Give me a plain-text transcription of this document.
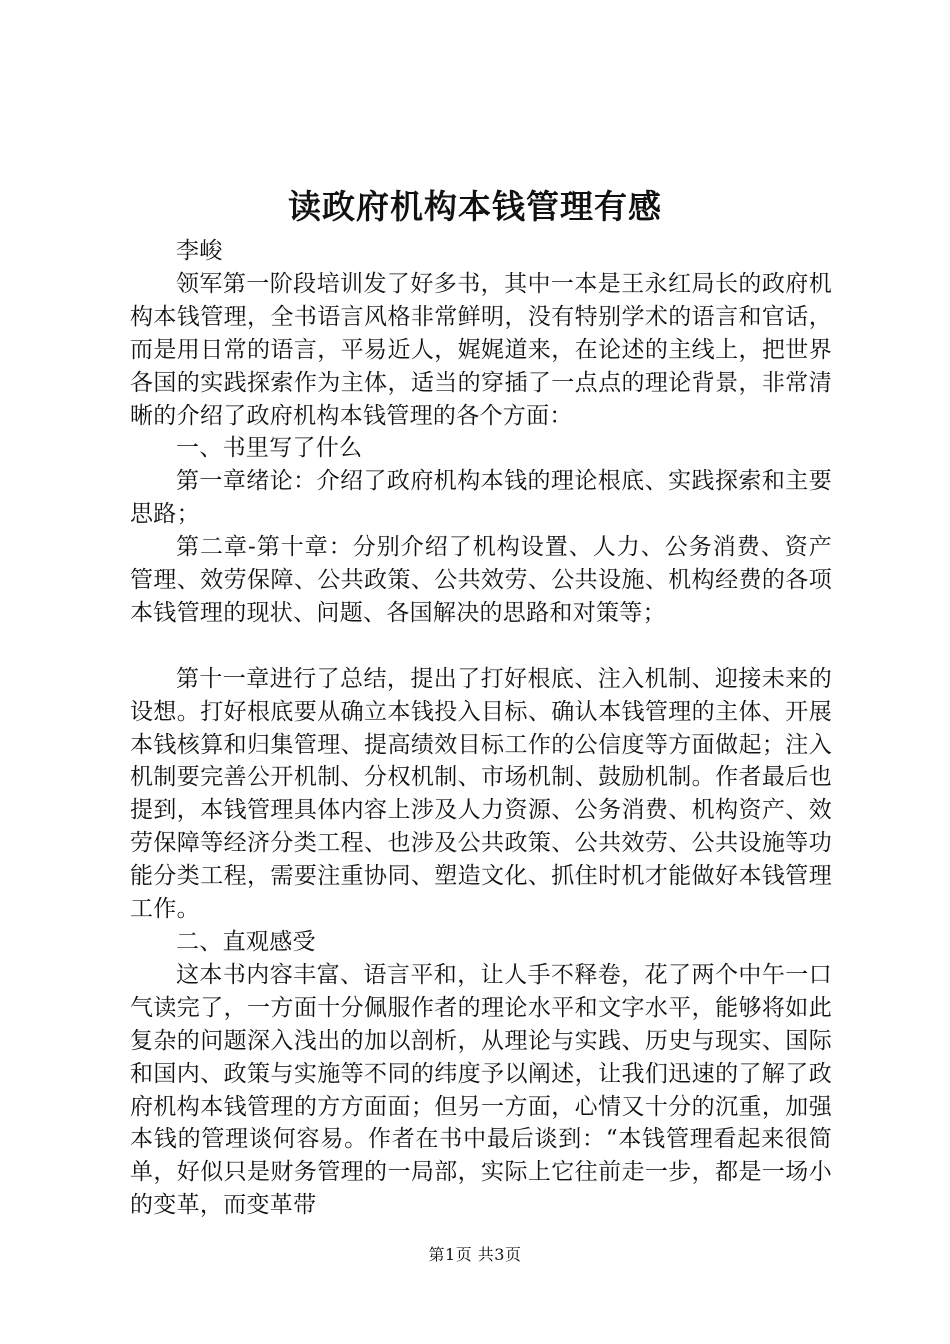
读政府机构本钱管理有感

李峻

领军第一阶段培训发了好多书，其中一本是王永红局长的政府机构本钱管理，全书语言风格非常鲜明，没有特别学术的语言和官话，而是用日常的语言，平易近人，娓娓道来，在论述的主线上，把世界各国的实践探索作为主体，适当的穿插了一点点的理论背景，非常清晰的介绍了政府机构本钱管理的各个方面：

一、书里写了什么

第一章绪论：介绍了政府机构本钱的理论根底、实践探索和主要思路；

第二章-第十章：分别介绍了机构设置、人力、公务消费、资产管理、效劳保障、公共政策、公共效劳、公共设施、机构经费的各项本钱管理的现状、问题、各国解决的思路和对策等；

第十一章进行了总结，提出了打好根底、注入机制、迎接未来的设想。打好根底要从确立本钱投入目标、确认本钱管理的主体、开展本钱核算和归集管理、提高绩效目标工作的公信度等方面做起；注入机制要完善公开机制、分权机制、市场机制、鼓励机制。作者最后也提到，本钱管理具体内容上涉及人力资源、公务消费、机构资产、效劳保障等经济分类工程、也涉及公共政策、公共效劳、公共设施等功能分类工程，需要注重协同、塑造文化、抓住时机才能做好本钱管理工作。

二、直观感受

这本书内容丰富、语言平和，让人手不释卷，花了两个中午一口气读完了，一方面十分佩服作者的理论水平和文字水平，能够将如此复杂的问题深入浅出的加以剖析，从理论与实践、历史与现实、国际和国内、政策与实施等不同的纬度予以阐述，让我们迅速的了解了政府机构本钱管理的方方面面；但另一方面，心情又十分的沉重，加强本钱的管理谈何容易。作者在书中最后谈到：“本钱管理看起来很简单，好似只是财务管理的一局部，实际上它往前走一步，都是一场小的变革，而变革带

第1页 共3页
